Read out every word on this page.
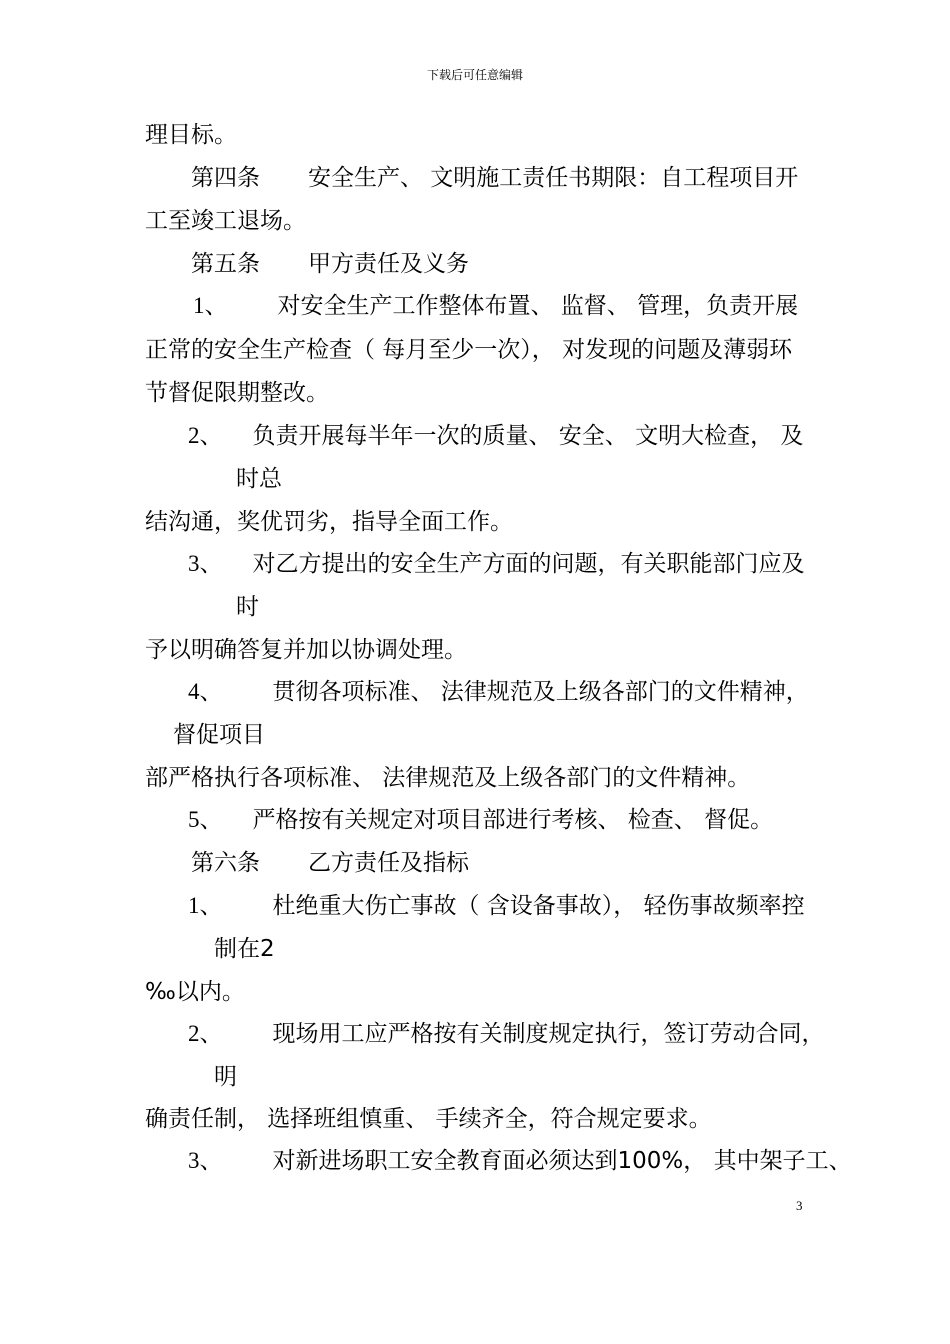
下载后可任意编辑
理目标。
第四条 安全生产、 文明施工责任书期限：自工程项目开
工至竣工退场。
第五条 甲方责任及义务
1、 对安全生产工作整体布置、 监督、 管理，负责开展
正常的安全生产检查（ 每月至少一次）， 对发现的问题及薄弱环
节督促限期整改。
2、 负责开展每半年一次的质量、 安全、 文明大检查， 及
时总
结沟通，奖优罚劣，指导全面工作。
3、 对乙方提出的安全生产方面的问题，有关职能部门应及
时
予以明确答复并加以协调处理。
4、 贯彻各项标准、 法律规范及上级各部门的文件精神，
督促项目
部严格执行各项标准、 法律规范及上级各部门的文件精神。
5、 严格按有关规定对项目部进行考核、 检查、 督促。
第六条 乙方责任及指标
1、 杜绝重大伤亡事故（ 含设备事故）， 轻伤事故频率控
制在2
‰以内。
2、 现场用工应严格按有关制度规定执行，签订劳动合同，
明
确责任制， 选择班组慎重、 手续齐全，符合规定要求。
3、 对新进场职工安全教育面必须达到100%， 其中架子工、
3
